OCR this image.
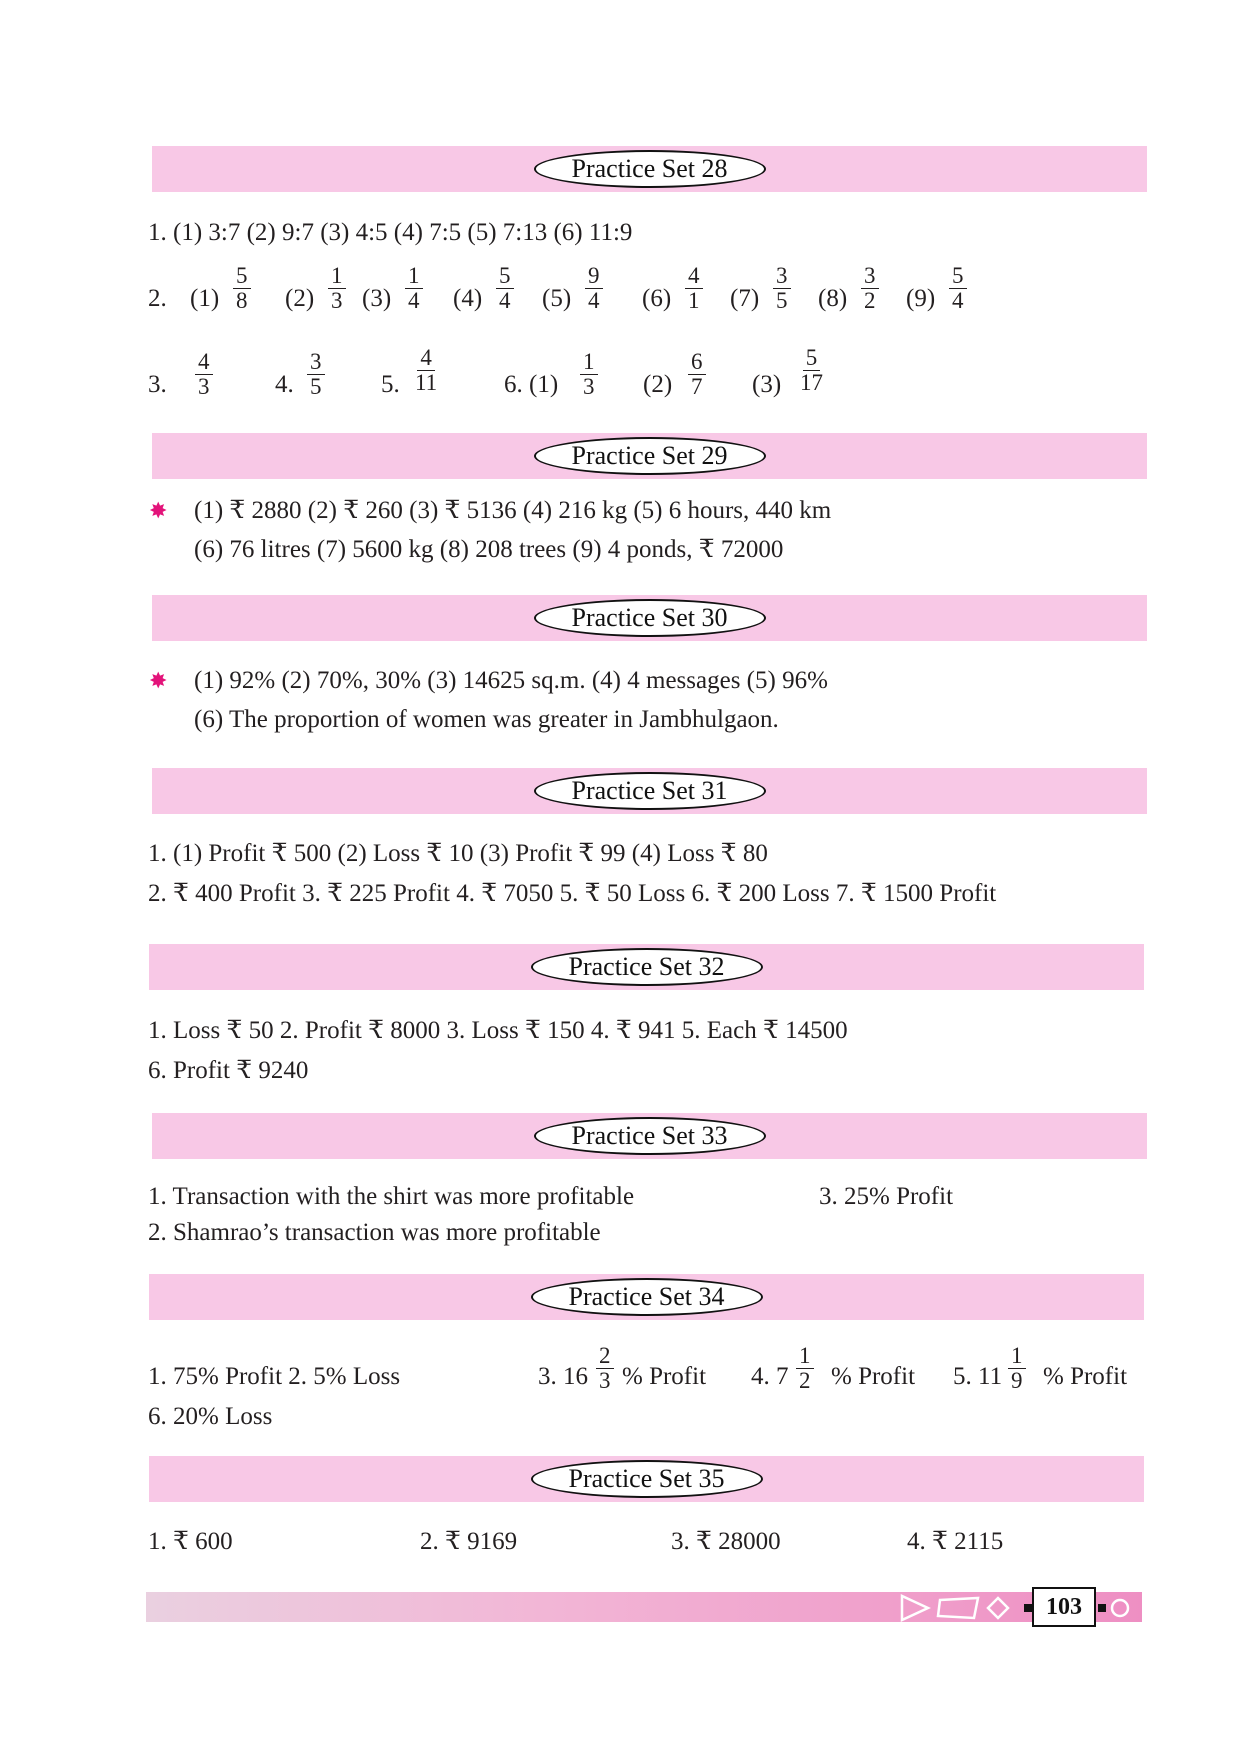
Practice Set 28
1. (1) 3:7 (2) 9:7 (3) 4:5 (4) 7:5 (5) 7:13 (6) 11:9
2. $(1) \frac{5}{8} (2) \frac{1}{3} (3) \frac{1}{4} (4) \frac{5}{4} (5) \frac{9}{4} (6) \frac{4}{1} (7) \frac{3}{5} (8) \frac{3}{2} (9) \frac{5}{4}$
3. $\frac{4}{3}$	4. $\frac{3}{5} 5$. $\frac{4}{11}$	6. $(1) \frac{1}{3} (2) \frac{6}{7} (3) \frac{5}{17}$
Practice Set 29
✸ (1) ₹ 2880 (2) ₹ 260 (3) ₹ 5136 (4) 216 kg (5) 6 hours, 440 km
(6) 76 litres (7) 5600 kg (8) 208 trees (9) 4 ponds, ₹ 72000
Practice Set 30
✸ (1) 92% (2) 70%, 30% (3) 14625 sq.m. (4) 4 messages (5) 96%
(6) The proportion of women was greater in Jambhulgaon.
Practice Set 31
1. (1) Profit ₹ 500 (2) Loss ₹ 10 (3) Profit ₹ 99 (4) Loss ₹ 80
2. ₹ 400 Profit 3. ₹ 225 Profit 4. ₹ 7050 5. ₹ 50 Loss 6. ₹ 200 Loss 7. ₹ 1500 Profit
Practice Set 32
1. Loss ₹ 50 2. Profit ₹ 8000 3. Loss ₹ 150 4. ₹ 941 5. Each ₹ 14500
6. Profit ₹ 9240
Practice Set 33
1. Transaction with the shirt was more profitable	3. 25% Profit
2. Shamrao’s transaction was more profitable
Practice Set 34
1. 75% Profit 2. 5% Loss	3. $16 \frac{2}{3}$ % Profit 4. $7 \frac{1}{2}$ % Profit 5. $11 \frac{1}{9}$ % Profit
6. 20% Loss
Practice Set 35
1. ₹ 600	2. ₹ 9169	3. ₹ 28000	4. ₹ 2115
103
